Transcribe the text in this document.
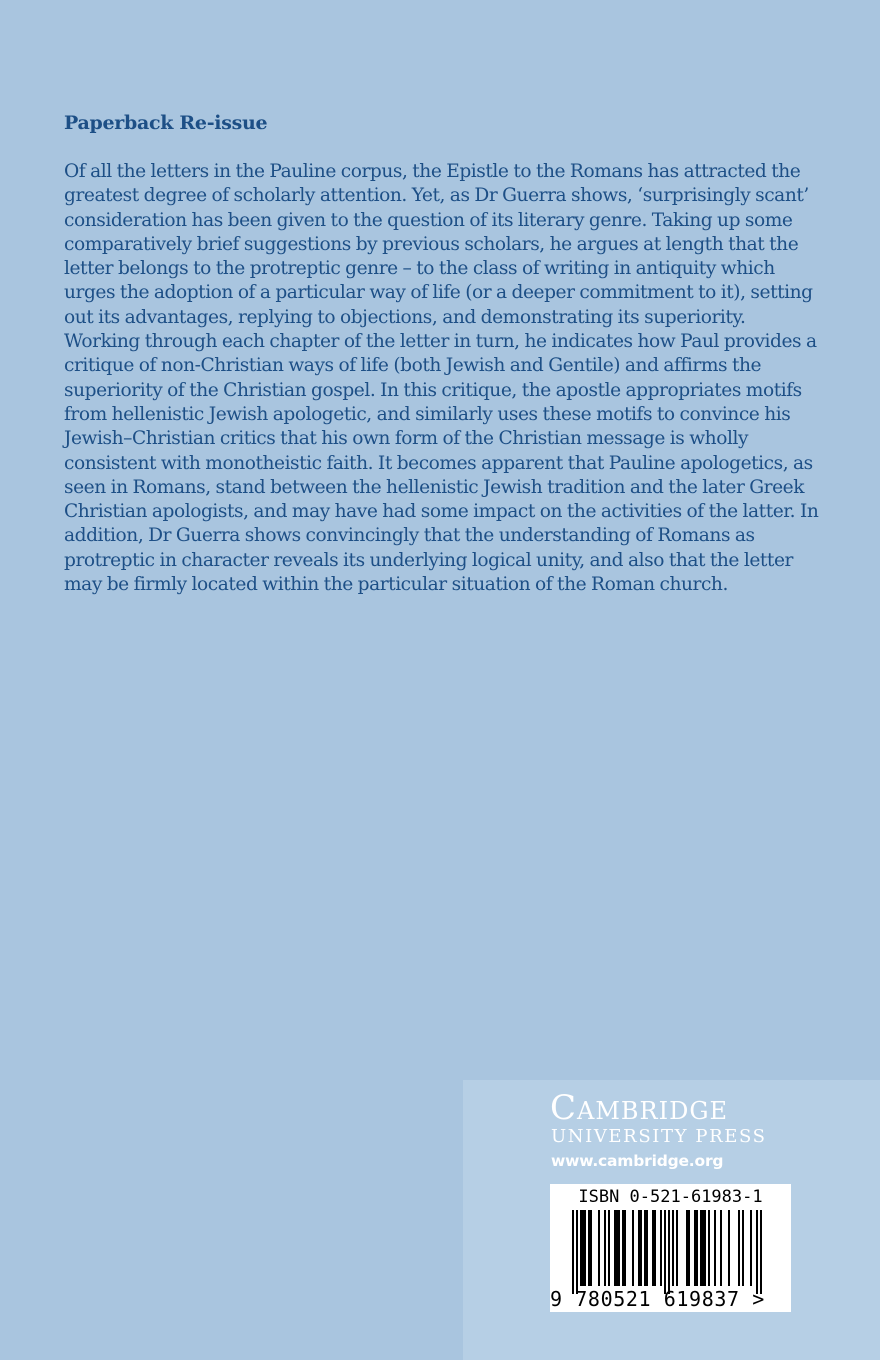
Paperback Re-issue

Of all the letters in the Pauline corpus, the Epistle to the Romans has attracted the greatest degree of scholarly attention. Yet, as Dr Guerra shows, ‘surprisingly scant’ consideration has been given to the question of its literary genre. Taking up some comparatively brief suggestions by previous scholars, he argues at length that the letter belongs to the protreptic genre – to the class of writing in antiquity which urges the adoption of a particular way of life (or a deeper commitment to it), setting out its advantages, replying to objections, and demonstrating its superiority. Working through each chapter of the letter in turn, he indicates how Paul provides a critique of non-Christian ways of life (both Jewish and Gentile) and affirms the superiority of the Christian gospel. In this critique, the apostle appropriates motifs from hellenistic Jewish apologetic, and similarly uses these motifs to convince his Jewish–Christian critics that his own form of the Christian message is wholly consistent with monotheistic faith. It becomes apparent that Pauline apologetics, as seen in Romans, stand between the hellenistic Jewish tradition and the later Greek Christian apologists, and may have had some impact on the activities of the latter. In addition, Dr Guerra shows convincingly that the understanding of Romans as protreptic in character reveals its underlying logical unity, and also that the letter may be firmly located within the particular situation of the Roman church.

Cambridge
UNIVERSITY PRESS
www.cambridge.org
ISBN 0-521-61983-1
9 780521 619837 >
